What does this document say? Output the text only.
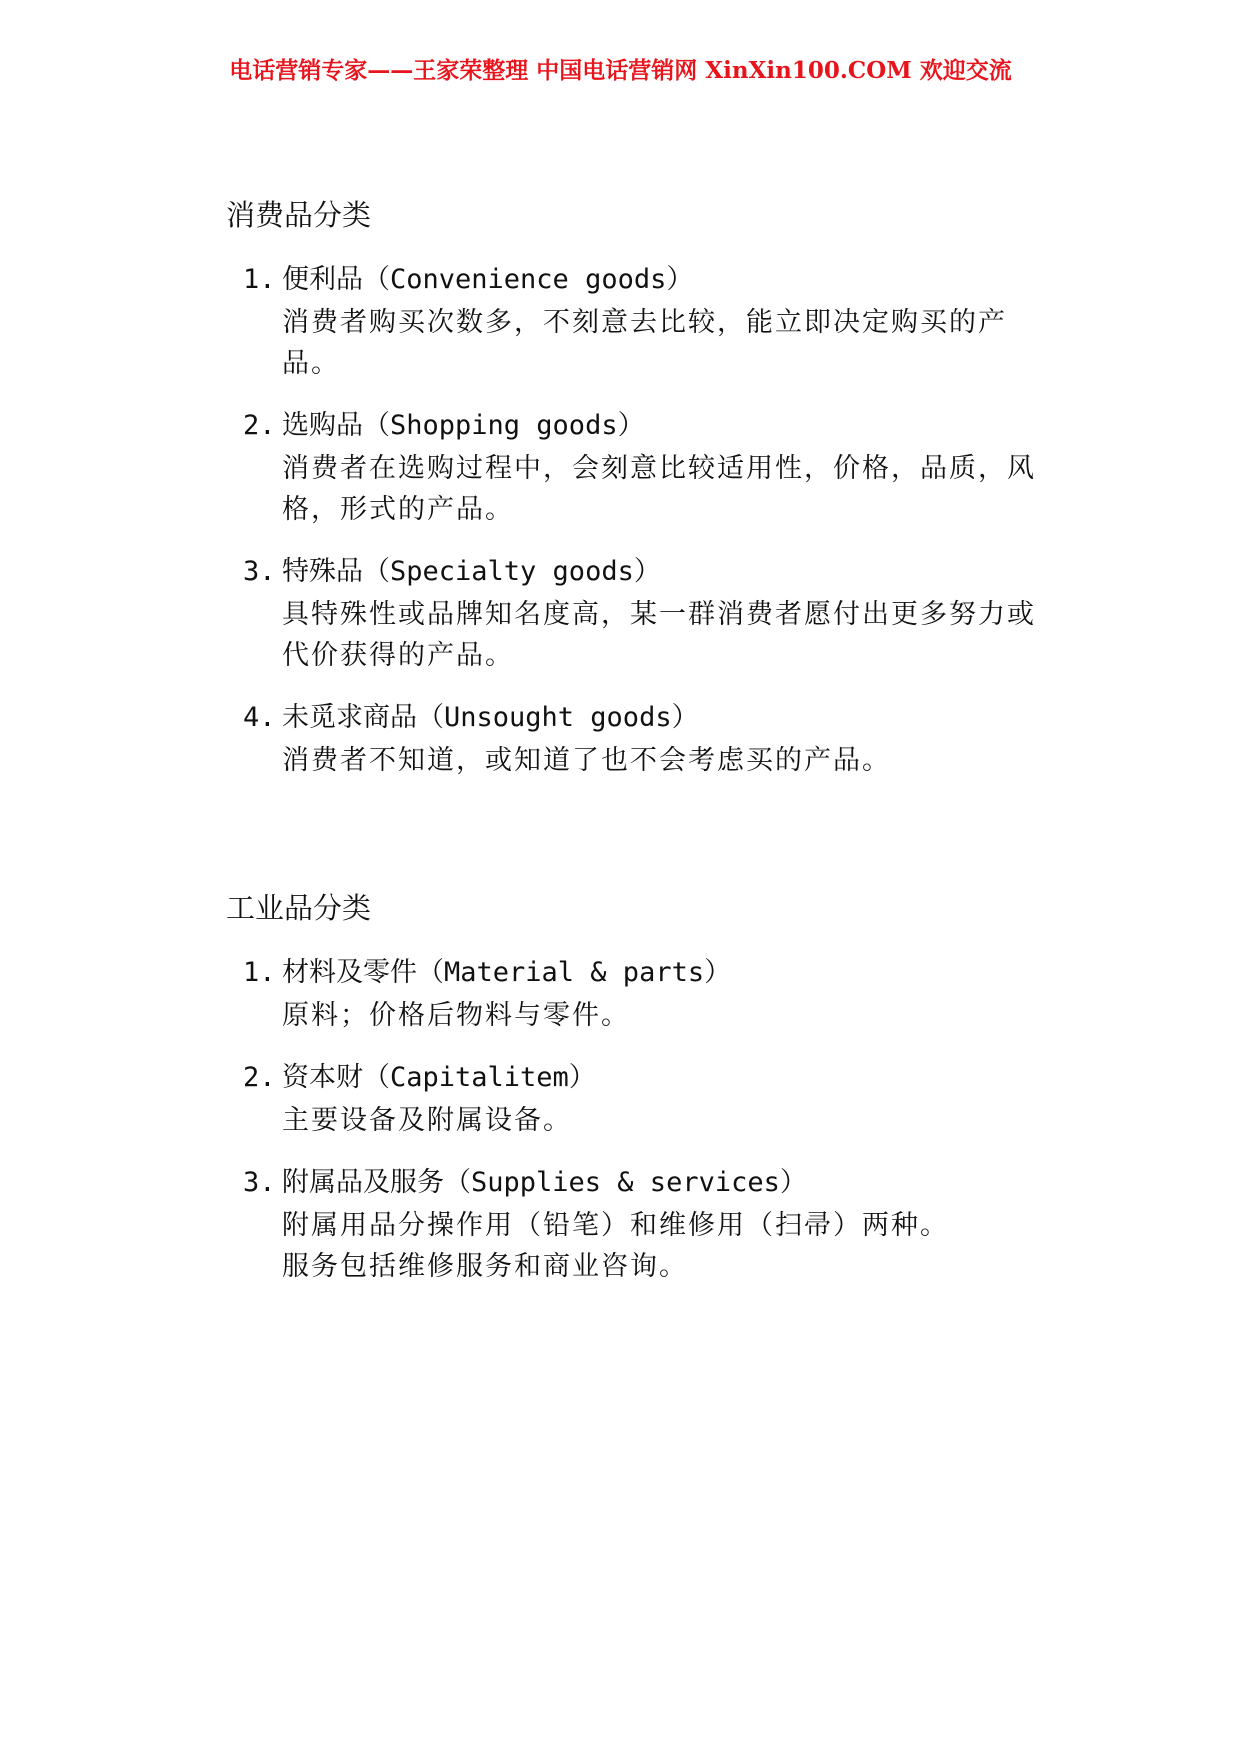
电话营销专家——王家荣整理 中国电话营销网 XinXin100.COM 欢迎交流
消费品分类
1. 便利品 （Convenience goods）
消费者购买次数多，不刻意去比较，能立即决定购买的产品。
2. 选购品 （Shopping goods）
消费者在选购过程中，会刻意比较适用性，价格，品质，风格，形式的产品。
3. 特殊品 （Specialty goods）
具特殊性或品牌知名度高，某一群消费者愿付出更多努力或代价获得的产品。
4. 未觅求商品 （Unsought goods）
消费者不知道，或知道了也不会考虑买的产品。
工业品分类
1. 材料及零件 （Material & parts）
原料；价格后物料与零件。
2. 资本财 （Capitalitem）
主要设备及附属设备。
3. 附属品及服务 （Supplies & services）
附属用品分操作用（铅笔）和维修用（扫帚）两种。
服务包括维修服务和商业咨询。
